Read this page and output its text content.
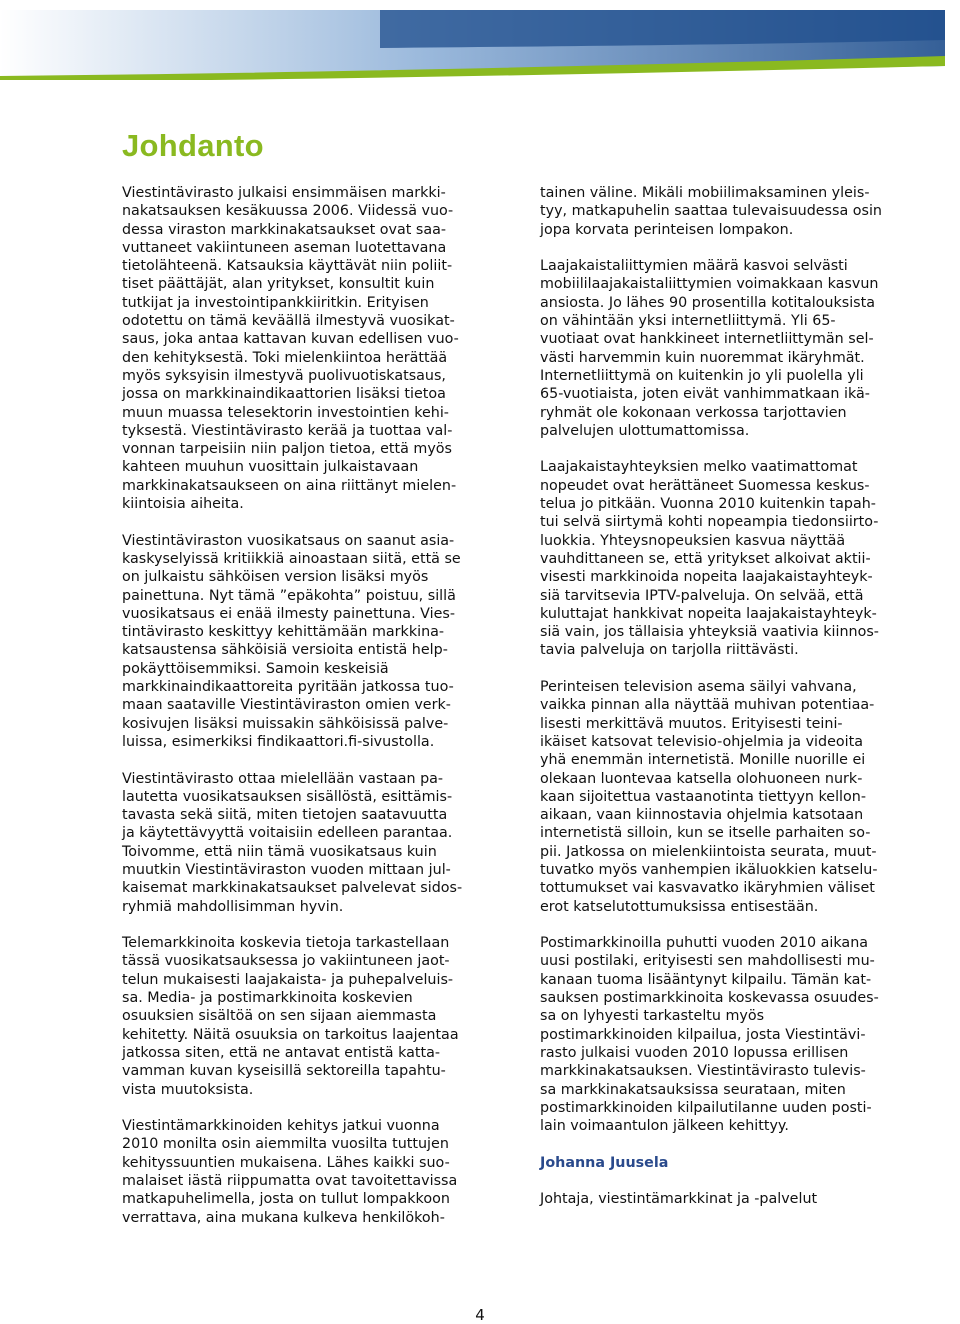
Johdanto

Viestintävirasto julkaisi ensimmäisen markki-
nakatsauksen kesäkuussa 2006. Viidessä vuo-
dessa viraston markkinakatsaukset ovat saa-
vuttaneet vakiintuneen aseman luotettavana
tietolähteenä. Katsauksia käyttävät niin poliit-
tiset päättäjät, alan yritykset, konsultit kuin
tutkijat ja investointipankkiiritkin. Erityisen
odotettu on tämä keväällä ilmestyvä vuosikat-
saus, joka antaa kattavan kuvan edellisen vuo-
den kehityksestä. Toki mielenkiintoa herättää
myös syksyisin ilmestyvä puolivuotiskatsaus,
jossa on markkinaindikaattorien lisäksi tietoa
muun muassa telesektorin investointien kehi-
tyksestä. Viestintävirasto kerää ja tuottaa val-
vonnan tarpeisiin niin paljon tietoa, että myös
kahteen muuhun vuosittain julkaistavaan
markkinakatsaukseen on aina riittänyt mielen-
kiintoisia aiheita.

Viestintäviraston vuosikatsaus on saanut asia-
kaskyselyissä kritiikkiä ainoastaan siitä, että se
on julkaistu sähköisen version lisäksi myös
painettuna. Nyt tämä ”epäkohta” poistuu, sillä
vuosikatsaus ei enää ilmesty painettuna. Vies-
tintävirasto keskittyy kehittämään markkina-
katsaustensa sähköisiä versioita entistä help-
pokäyttöisemmiksi. Samoin keskeisiä
markkinaindikaattoreita pyritään jatkossa tuo-
maan saataville Viestintäviraston omien verk-
kosivujen lisäksi muissakin sähköisissä palve-
luissa, esimerkiksi findikaattori.fi-sivustolla.

Viestintävirasto ottaa mielellään vastaan pa-
lautetta vuosikatsauksen sisällöstä, esittämis-
tavasta sekä siitä, miten tietojen saatavuutta
ja käytettävyyttä voitaisiin edelleen parantaa.
Toivomme, että niin tämä vuosikatsaus kuin
muutkin Viestintäviraston vuoden mittaan jul-
kaisemat markkinakatsaukset palvelevat sidos-
ryhmiä mahdollisimman hyvin.

Telemarkkinoita koskevia tietoja tarkastellaan
tässä vuosikatsauksessa jo vakiintuneen jaot-
telun mukaisesti laajakaista- ja puhepalveluis-
sa. Media- ja postimarkkinoita koskevien
osuuksien sisältöä on sen sijaan aiemmasta
kehitetty. Näitä osuuksia on tarkoitus laajentaa
jatkossa siten, että ne antavat entistä katta-
vamman kuvan kyseisillä sektoreilla tapahtu-
vista muutoksista.

Viestintämarkkinoiden kehitys jatkui vuonna
2010 monilta osin aiemmilta vuosilta tuttujen
kehityssuuntien mukaisena. Lähes kaikki suo-
malaiset iästä riippumatta ovat tavoitettavissa
matkapuhelimella, josta on tullut lompakkoon
verrattava, aina mukana kulkeva henkilökoh-

tainen väline. Mikäli mobiilimaksaminen yleis-
tyy, matkapuhelin saattaa tulevaisuudessa osin
jopa korvata perinteisen lompakon.

Laajakaistaliittymien määrä kasvoi selvästi
mobiililaajakaistaliittymien voimakkaan kasvun
ansiosta. Jo lähes 90 prosentilla kotitalouksista
on vähintään yksi internetliittymä. Yli 65-
vuotiaat ovat hankkineet internetliittymän sel-
västi harvemmin kuin nuoremmat ikäryhmät.
Internetliittymä on kuitenkin jo yli puolella yli
65-vuotiaista, joten eivät vanhimmatkaan ikä-
ryhmät ole kokonaan verkossa tarjottavien
palvelujen ulottumattomissa.

Laajakaistayhteyksien melko vaatimattomat
nopeudet ovat herättäneet Suomessa keskus-
telua jo pitkään. Vuonna 2010 kuitenkin tapah-
tui selvä siirtymä kohti nopeampia tiedonsiirto-
luokkia. Yhteysnopeuksien kasvua näyttää
vauhdittaneen se, että yritykset alkoivat aktii-
visesti markkinoida nopeita laajakaistayhteyk-
siä tarvitsevia IPTV-palveluja. On selvää, että
kuluttajat hankkivat nopeita laajakaistayhteyk-
siä vain, jos tällaisia yhteyksiä vaativia kiinnos-
tavia palveluja on tarjolla riittävästi.

Perinteisen television asema säilyi vahvana,
vaikka pinnan alla näyttää muhivan potentiaa-
lisesti merkittävä muutos. Erityisesti teini-
ikäiset katsovat televisio-ohjelmia ja videoita
yhä enemmän internetistä. Monille nuorille ei
olekaan luontevaa katsella olohuoneen nurk-
kaan sijoitettua vastaanotinta tiettyyn kellon-
aikaan, vaan kiinnostavia ohjelmia katsotaan
internetistä silloin, kun se itselle parhaiten so-
pii. Jatkossa on mielenkiintoista seurata, muut-
tuvatko myös vanhempien ikäluokkien katselu-
tottumukset vai kasvavatko ikäryhmien väliset
erot katselutottumuksissa entisestään.

Postimarkkinoilla puhutti vuoden 2010 aikana
uusi postilaki, erityisesti sen mahdollisesti mu-
kanaan tuoma lisääntynyt kilpailu. Tämän kat-
sauksen postimarkkinoita koskevassa osuudes-
sa on lyhyesti tarkasteltu myös
postimarkkinoiden kilpailua, josta Viestintävi-
rasto julkaisi vuoden 2010 lopussa erillisen
markkinakatsauksen. Viestintävirasto tulevis-
sa markkinakatsauksissa seurataan, miten
postimarkkinoiden kilpailutilanne uuden posti-
lain voimaantulon jälkeen kehittyy.

Johanna Juusela

Johtaja, viestintämarkkinat ja -palvelut

4
